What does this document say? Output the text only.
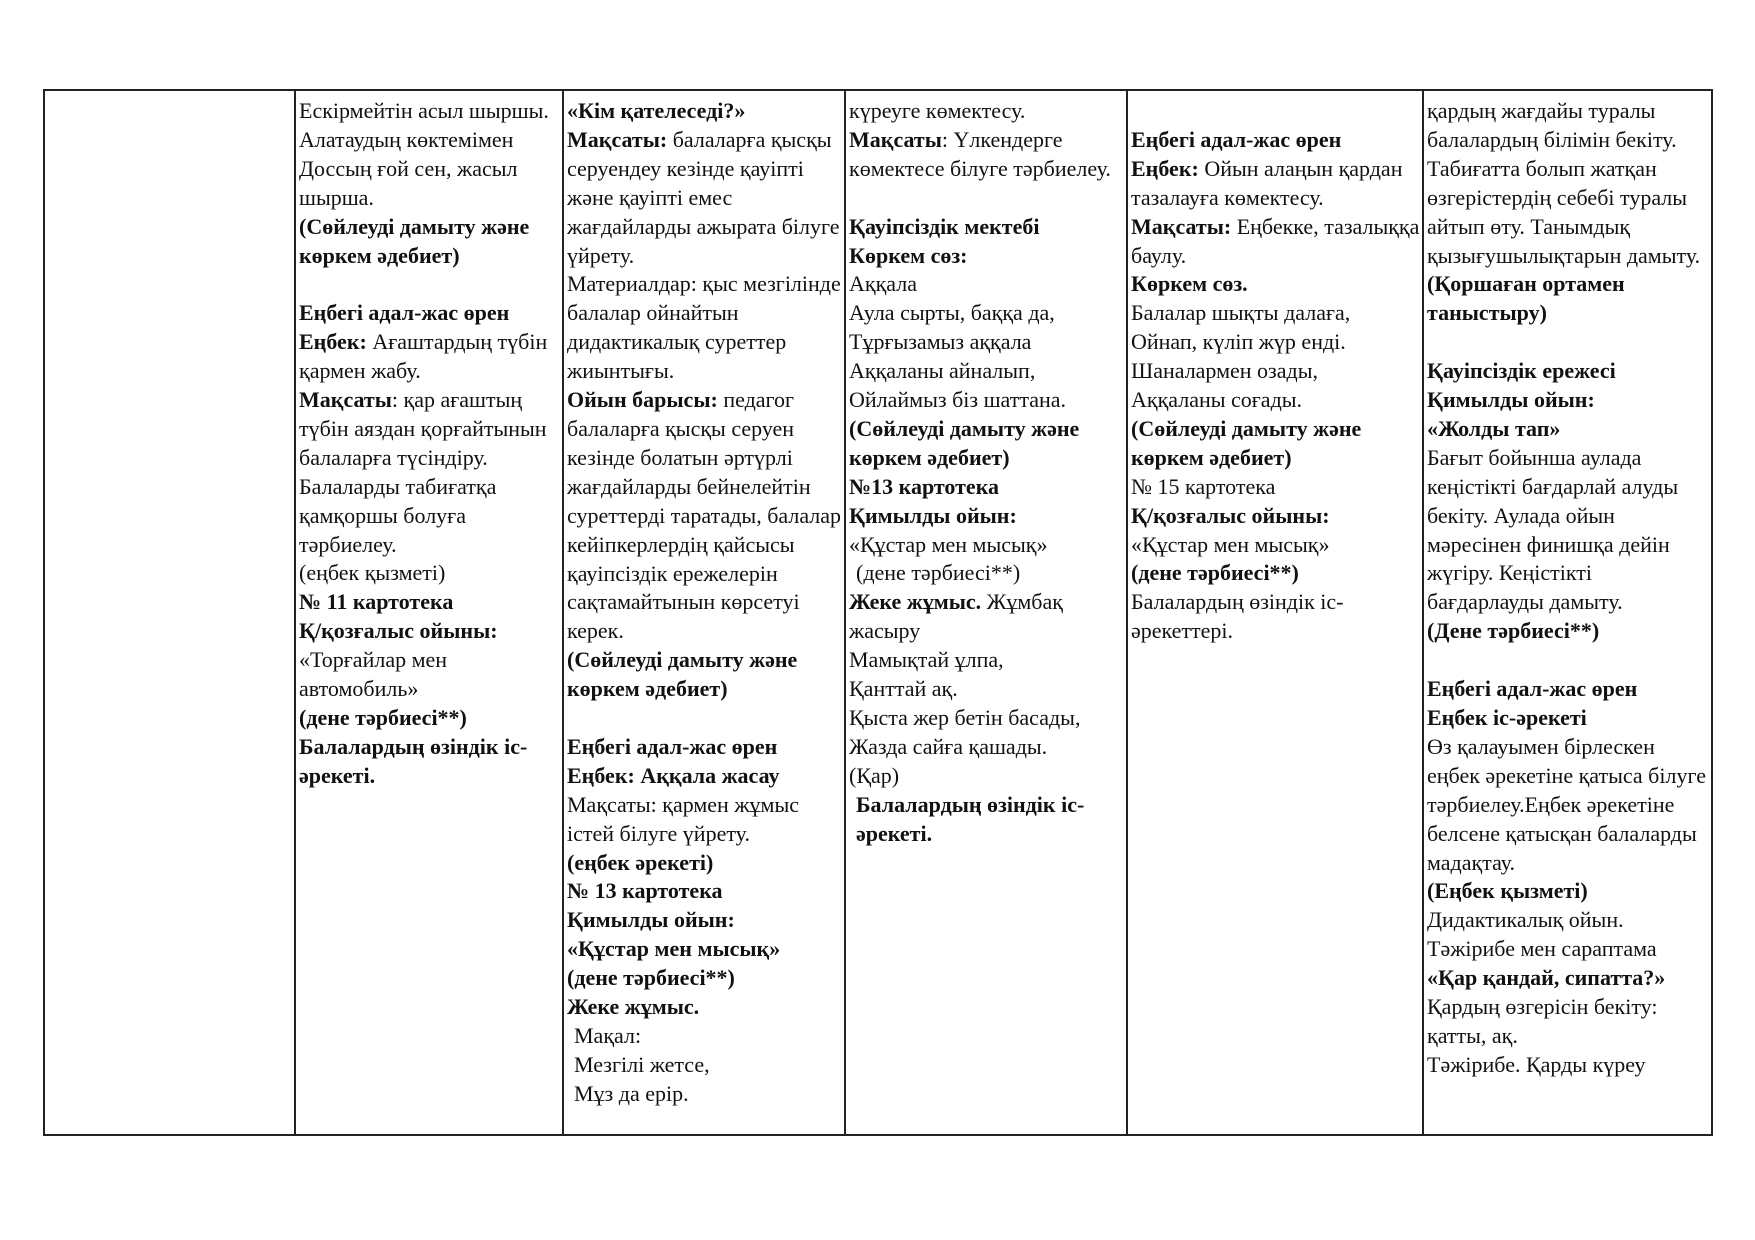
Ескірмейтін асыл шыршы.
Алатаудың көктемімен Доссың ғой сен, жасыл шырша.
(Сөйлеуді дамыту және көркем әдебиет)
Еңбегі адал-жас өрен
Еңбек: Ағаштардың түбін қармен жабу.
Мақсаты: қар ағаштың түбін аяздан қорғайтынын балаларға түсіндіру. Балаларды табиғатқа қамқоршы болуға тәрбиелеу.
(еңбек қызметі)
№ 11 картотека
Қ/қозғалыс ойыны:
«Торғайлар мен автомобиль»
(дене тәрбиесі**)
Балалардың өзіндік іс-әрекеті.

«Кім қателеседі?»
Мақсаты: балаларға қысқы серуендеу кезінде қауіпті және қауіпті емес жағдайларды ажырата білуге үйрету.
Материалдар: қыс мезгілінде балалар ойнайтын дидактикалық суреттер жиынтығы.
Ойын барысы: педагог балаларға қысқы серуен кезінде болатын әртүрлі жағдайларды бейнелейтін суреттерді таратады, балалар кейіпкерлердің қайсысы қауіпсіздік ережелерін сақтамайтынын көрсетуі керек.
(Сөйлеуді дамыту және көркем әдебиет)
Еңбегі адал-жас өрен
Еңбек: Аққала жасау
Мақсаты: қармен жұмыс істей білуге үйрету.
(еңбек әрекеті)
№ 13 картотека
Қимылды ойын:
«Құстар мен мысық»
(дене тәрбиесі**)
Жеке жұмыс.
Мақал:
Мезгілі жетсе,
Мұз да ерір.

күреуге көмектесу.
Мақсаты: Үлкендерге көмектесе білуге тәрбиелеу.
Қауіпсіздік мектебі
Көркем сөз:
Аққала
Аула сырты, баққа да,
Тұрғызамыз аққала
Аққаланы айналып,
Ойлаймыз біз шаттана.
(Сөйлеуді дамыту және көркем әдебиет)
№13 картотека
Қимылды ойын:
«Құстар мен мысық»
(дене тәрбиесі**)
Жеке жұмыс. Жұмбақ жасыру
Мамықтай ұлпа,
Қанттай ақ.
Қыста жер бетін басады,
Жазда сайға қашады.
(Қар)
Балалардың өзіндік іс-әрекеті.

Еңбегі адал-жас өрен
Еңбек: Ойын алаңын қардан тазалауға көмектесу.
Мақсаты: Еңбекке, тазалыққа баулу.
Көркем сөз.
Балалар шықты далаға,
Ойнап, күліп жүр енді.
Шаналармен озады,
Аққаланы соғады.
(Сөйлеуді дамыту және көркем әдебиет)
№ 15 картотека
Қ/қозғалыс ойыны:
«Құстар мен мысық»
(дене тәрбиесі**)
Балалардың өзіндік іс-әрекеттері.

қардың жағдайы туралы балалардың білімін бекіту. Табиғатта болып жатқан өзгерістердің себебі туралы айтып өту. Танымдық қызығушылықтарын дамыту. (Қоршаған ортамен таныстыру)
Қауіпсіздік ережесі
Қимылды ойын:
«Жолды тап»
Бағыт бойынша аулада кеңістікті бағдарлай алуды бекіту. Аулада ойын мәресінен финишқа дейін жүгіру. Кеңістікті бағдарлауды дамыту.
(Дене тәрбиесі**)
Еңбегі адал-жас өрен
Еңбек іс-әрекеті
Өз қалауымен бірлескен еңбек әрекетіне қатыса білуге тәрбиелеу.Еңбек әрекетіне белсене қатысқан балаларды мадақтау.
(Еңбек қызметі)
Дидактикалық ойын.
Тәжірибе мен сараптама
«Қар қандай, сипатта?»
Қардың өзгерісін бекіту: қатты, ақ.
Тәжірибе. Қарды күреу
